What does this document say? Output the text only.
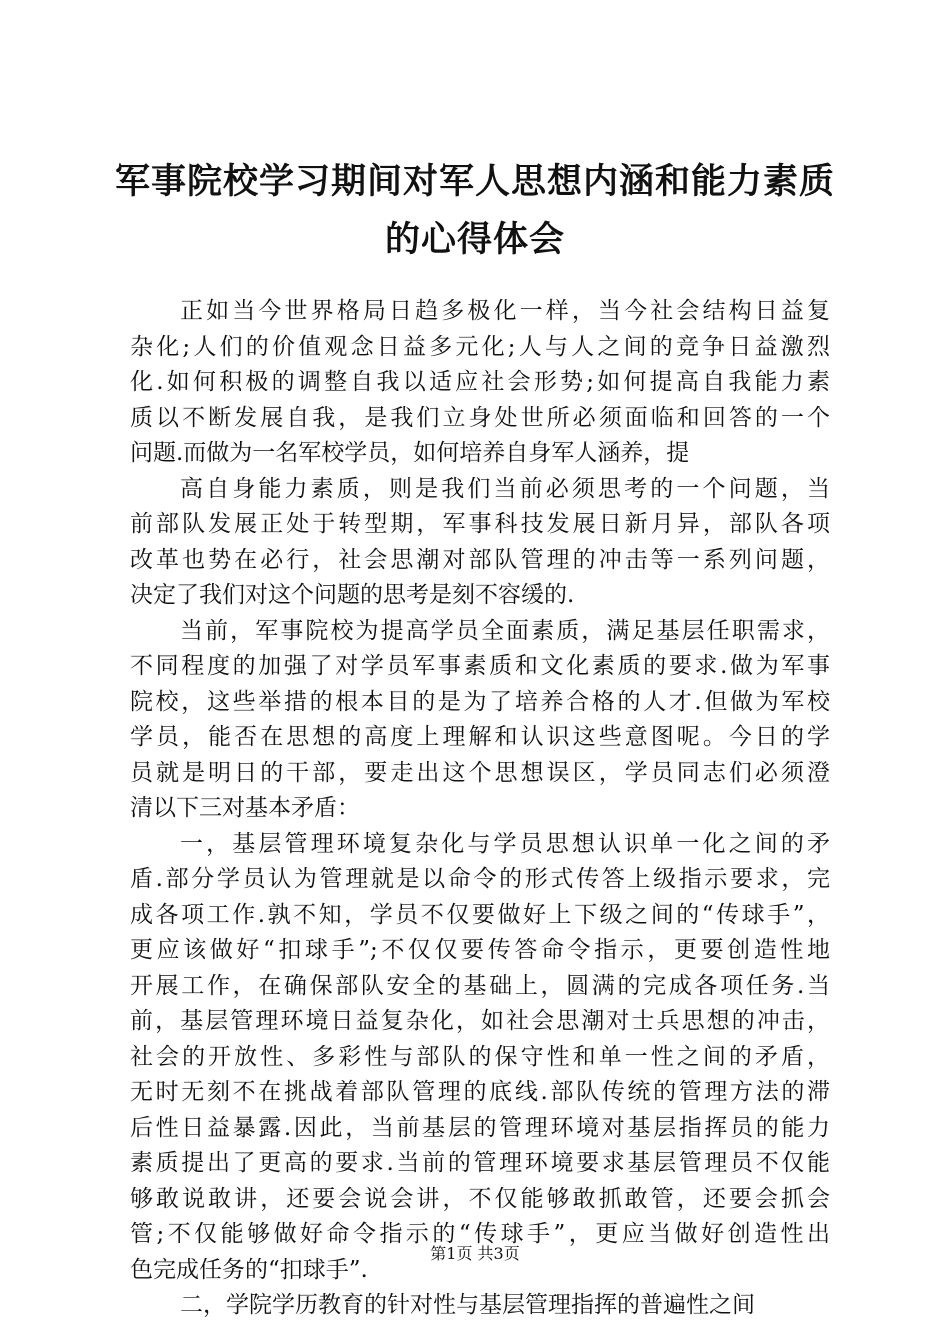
军事院校学习期间对军人思想内涵和能力素质
的心得体会
正如当今世界格局日趋多极化一样，当今社会结构日益复
杂化;人们的价值观念日益多元化;人与人之间的竞争日益激烈
化.如何积极的调整自我以适应社会形势;如何提高自我能力素
质以不断发展自我，是我们立身处世所必须面临和回答的一个
问题.而做为一名军校学员，如何培养自身军人涵养，提
高自身能力素质，则是我们当前必须思考的一个问题，当
前部队发展正处于转型期，军事科技发展日新月异，部队各项
改革也势在必行，社会思潮对部队管理的冲击等一系列问题，
决定了我们对这个问题的思考是刻不容缓的.
当前，军事院校为提高学员全面素质，满足基层任职需求，
不同程度的加强了对学员军事素质和文化素质的要求.做为军事
院校，这些举措的根本目的是为了培养合格的人才.但做为军校
学员，能否在思想的高度上理解和认识这些意图呢。今日的学
员就是明日的干部，要走出这个思想误区，学员同志们必须澄
清以下三对基本矛盾：
一，基层管理环境复杂化与学员思想认识单一化之间的矛
盾.部分学员认为管理就是以命令的形式传答上级指示要求，完
成各项工作.孰不知，学员不仅要做好上下级之间的“传球手”，
更应该做好“扣球手”;不仅仅要传答命令指示，更要创造性地
开展工作，在确保部队安全的基础上，圆满的完成各项任务.当
前，基层管理环境日益复杂化，如社会思潮对士兵思想的冲击，
社会的开放性、多彩性与部队的保守性和单一性之间的矛盾，
无时无刻不在挑战着部队管理的底线.部队传统的管理方法的滞
后性日益暴露.因此，当前基层的管理环境对基层指挥员的能力
素质提出了更高的要求.当前的管理环境要求基层管理员不仅能
够敢说敢讲，还要会说会讲，不仅能够敢抓敢管，还要会抓会
管;不仅能够做好命令指示的“传球手”，更应当做好创造性出
色完成任务的“扣球手”.
二，学院学历教育的针对性与基层管理指挥的普遍性之间
第1页 共3页
